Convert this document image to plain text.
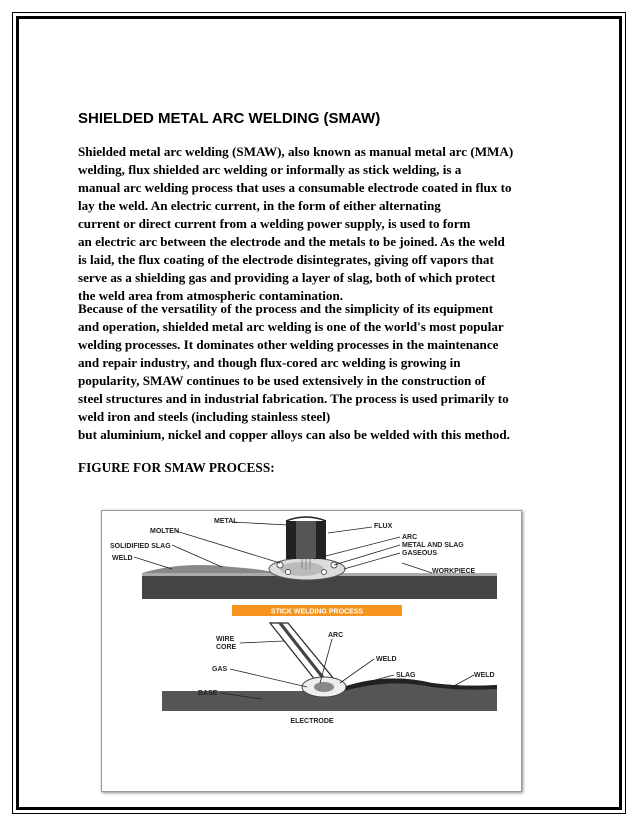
SHIELDED METAL ARC WELDING (SMAW)
Shielded metal arc welding (SMAW), also known as manual metal arc (MMA)
welding, flux shielded arc welding or informally as stick welding, is a
manual arc welding process that uses a consumable electrode coated in flux to
lay the weld. An electric current, in the form of either alternating
current or direct current from a welding power supply, is used to form
an electric arc between the electrode and the metals to be joined. As the weld
is laid, the flux coating of the electrode disintegrates, giving off vapors that
serve as a shielding gas and providing a layer of slag, both of which protect
the weld area from atmospheric contamination.
Because of the versatility of the process and the simplicity of its equipment
and operation, shielded metal arc welding is one of the world's most popular
welding processes. It dominates other welding processes in the maintenance
and repair industry, and though flux-cored arc welding is growing in
popularity, SMAW continues to be used extensively in the construction of
steel structures and in industrial fabrication. The process is used primarily to
weld iron and steels (including stainless steel)
but aluminium, nickel and copper alloys can also be welded with this method.
FIGURE FOR SMAW PROCESS:
METAL
MOLTEN
SOLIDIFIED SLAG
WELD
FLUX
ARC
METAL AND SLAG
GASEOUS
WORKPIECE
STICK WELDING PROCESS
WIRE
CORE
ARC
WELD
GAS
SLAG	WELD
BASE
ELECTRODE
